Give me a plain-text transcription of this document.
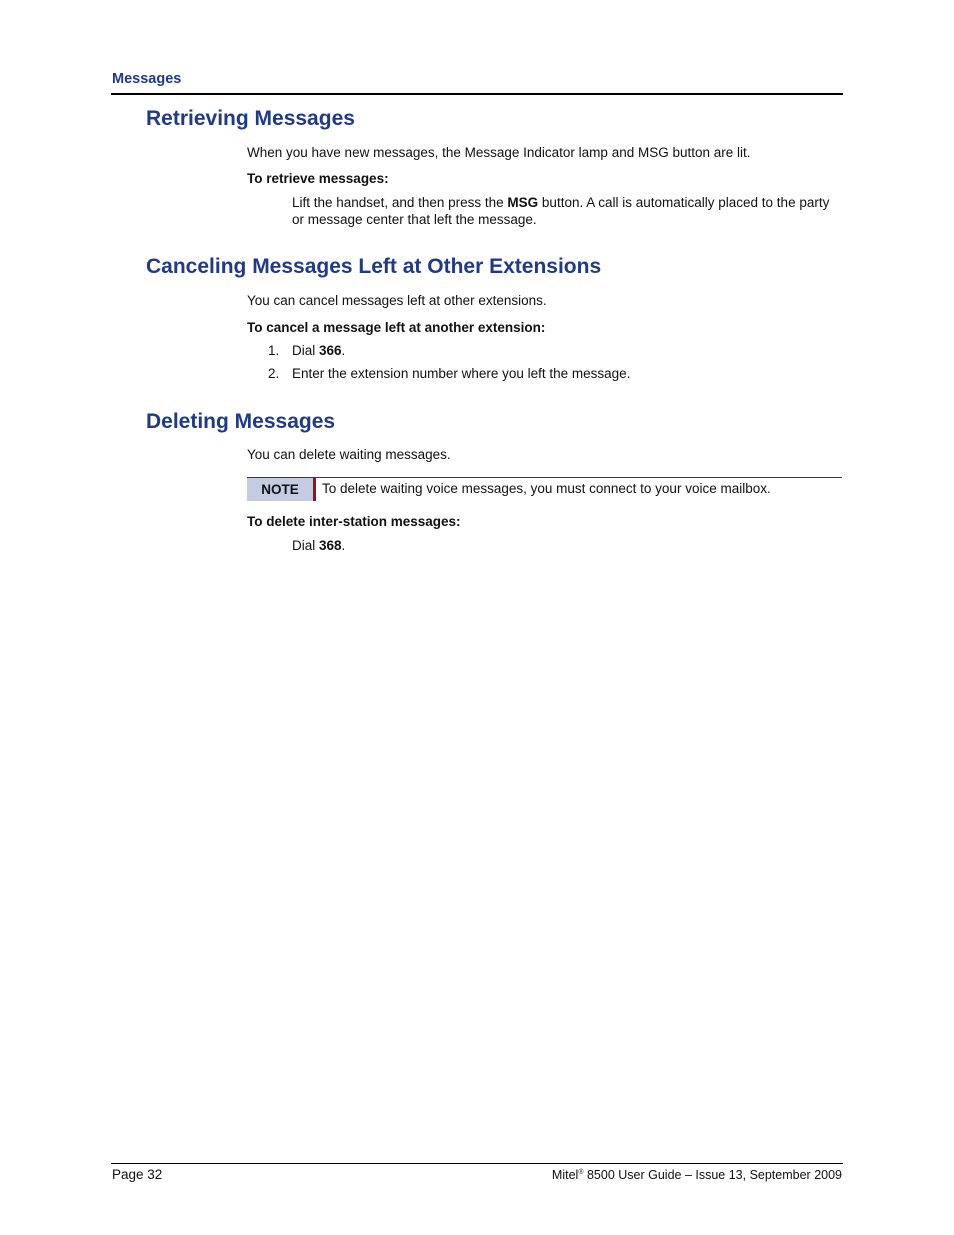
Messages
Retrieving Messages

When you have new messages, the Message Indicator lamp and MSG button are lit.

To retrieve messages:

Lift the handset, and then press the MSG button. A call is automatically placed to the party or message center that left the message.

Canceling Messages Left at Other Extensions

You can cancel messages left at other extensions.

To cancel a message left at another extension:

1. Dial 366.

2. Enter the extension number where you left the message.

Deleting Messages

You can delete waiting messages.

NOTE	To delete waiting voice messages, you must connect to your voice mailbox.

To delete inter-station messages:

Dial 368.

Page 32	Mitel® 8500 User Guide – Issue 13, September 2009
